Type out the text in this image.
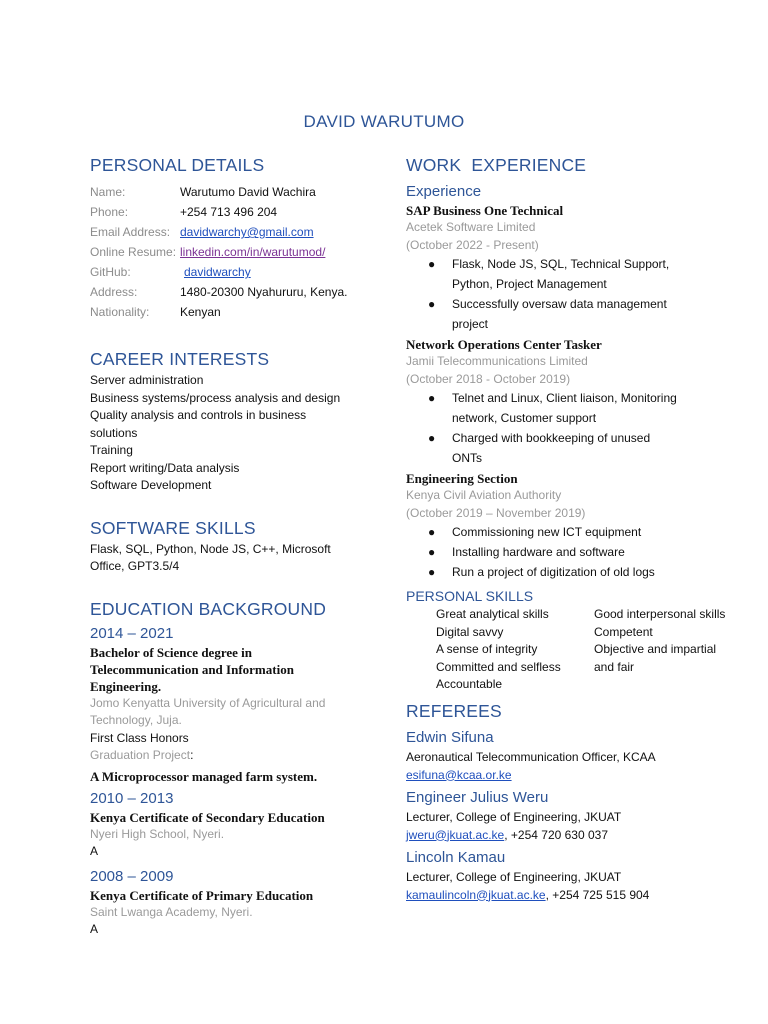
DAVID WARUTUMO
PERSONAL DETAILS
Name:	Warutumo David Wachira
Phone:	+254 713 496 204
Email Address: davidwarchy@gmail.com
Online Resume: linkedin.com/in/warutumod/
GitHub:	davidwarchy
Address:	1480-20300 Nyahururu, Kenya.
Nationality:	Kenyan
CAREER INTERESTS
Server administration
Business systems/process analysis and design
Quality analysis and controls in business solutions
Training
Report writing/Data analysis
Software Development
SOFTWARE SKILLS
Flask, SQL, Python, Node JS, C++, Microsoft Office, GPT3.5/4
EDUCATION BACKGROUND
2014 – 2021
Bachelor of Science degree in Telecommunication and Information Engineering.
Jomo Kenyatta University of Agricultural and Technology, Juja.
First Class Honors
Graduation Project:
A Microprocessor managed farm system.
2010 – 2013
Kenya Certificate of Secondary Education
Nyeri High School, Nyeri.
A
2008 – 2009
Kenya Certificate of Primary Education
Saint Lwanga Academy, Nyeri.
A
WORK  EXPERIENCE
Experience
SAP Business One Technical
Acetek Software Limited
(October 2022 - Present)
● Flask, Node JS, SQL, Technical Support, Python, Project Management
● Successfully oversaw data management project
Network Operations Center Tasker
Jamii Telecommunications Limited
(October 2018 - October 2019)
● Telnet and Linux, Client liaison, Monitoring network, Customer support
● Charged with bookkeeping of unused ONTs
Engineering Section
Kenya Civil Aviation Authority
(October 2019 – November 2019)
● Commissioning new ICT equipment
● Installing hardware and software
● Run a project of digitization of old logs
PERSONAL SKILLS
Great analytical skills	Good interpersonal skills
Digital savvy	Competent
A sense of integrity	Objective and impartial
Committed and selfless	and fair
Accountable
REFEREES
Edwin Sifuna
Aeronautical Telecommunication Officer, KCAA
esifuna@kcaa.or.ke
Engineer Julius Weru
Lecturer, College of Engineering, JKUAT
jweru@jkuat.ac.ke, +254 720 630 037
Lincoln Kamau
Lecturer, College of Engineering, JKUAT
kamaulincoln@jkuat.ac.ke, +254 725 515 904
